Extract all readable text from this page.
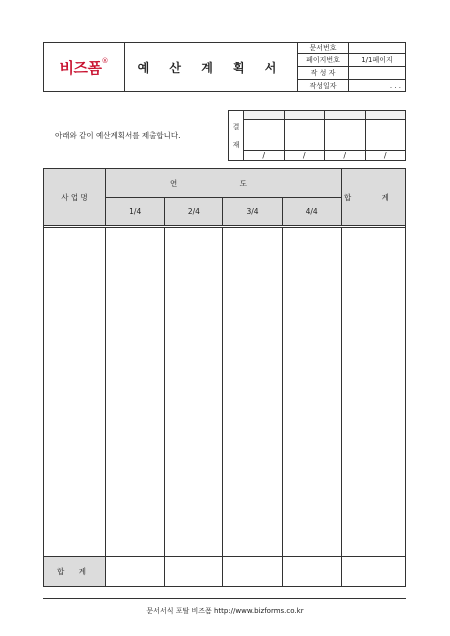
비즈폼®	예 산 계 획 서	문서번호	
		페이지번호	1/1페이지
		작 성 자	
		작성일자	. . .
아래와 같이 예산계획서를 제출합니다.
결
재				

	/	/	/	/
사 업 명	연 도				합 계
	1/4	2/4	3/4	4/4	

합 계					
문서서식 포탈 비즈폼 http://www.bizforms.co.kr
